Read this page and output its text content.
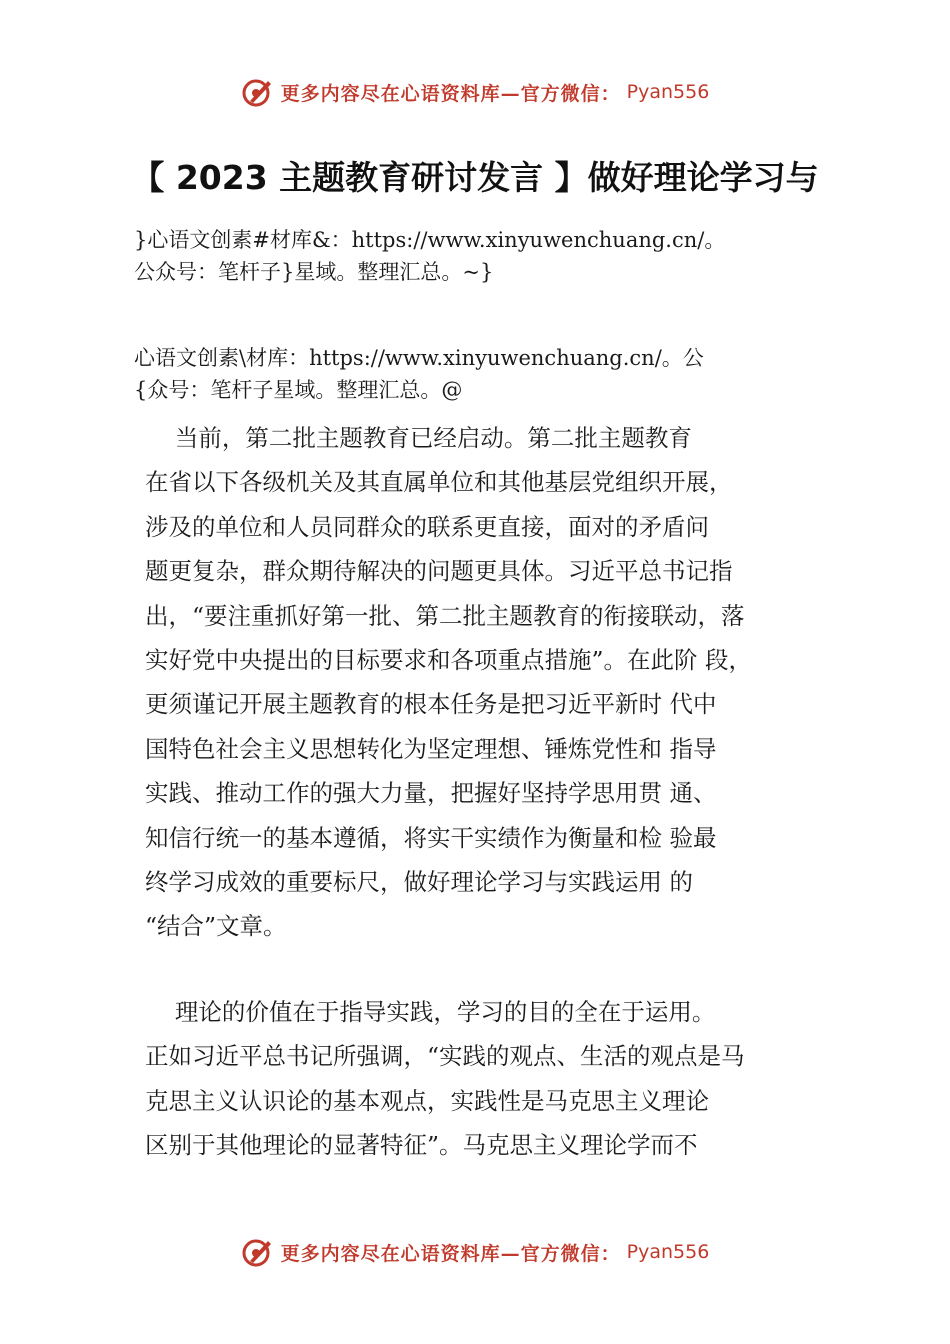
更多内容尽在心语资料库—官方微信： Pyan556
【 2023 主题教育研讨发言 】做好理论学习与
}心语文创素#材库&：https://www.xinyuwenchuang.cn/。
公众号：笔杆子}星域。整理汇总。~}
心语文创素\材库：https://www.xinyuwenchuang.cn/。公
{众号：笔杆子星域。整理汇总。@
当前，第二批主题教育已经启动。第二批主题教育
在省以下各级机关及其直属单位和其他基层党组织开展，
涉及的单位和人员同群众的联系更直接，面对的矛盾问
题更复杂，群众期待解决的问题更具体。习近平总书记指
出，“要注重抓好第一批、第二批主题教育的衔接联动，落
实好党中央提出的目标要求和各项重点措施”。在此阶 段，
更须谨记开展主题教育的根本任务是把习近平新时 代中
国特色社会主义思想转化为坚定理想、锤炼党性和 指导
实践、推动工作的强大力量，把握好坚持学思用贯 通、
知信行统一的基本遵循，将实干实绩作为衡量和检 验最
终学习成效的重要标尺，做好理论学习与实践运用 的
“结合”文章。
理论的价值在于指导实践，学习的目的全在于运用。
正如习近平总书记所强调，“实践的观点、生活的观点是马
克思主义认识论的基本观点，实践性是马克思主义理论
区别于其他理论的显著特征”。马克思主义理论学而不
更多内容尽在心语资料库—官方微信： Pyan556
